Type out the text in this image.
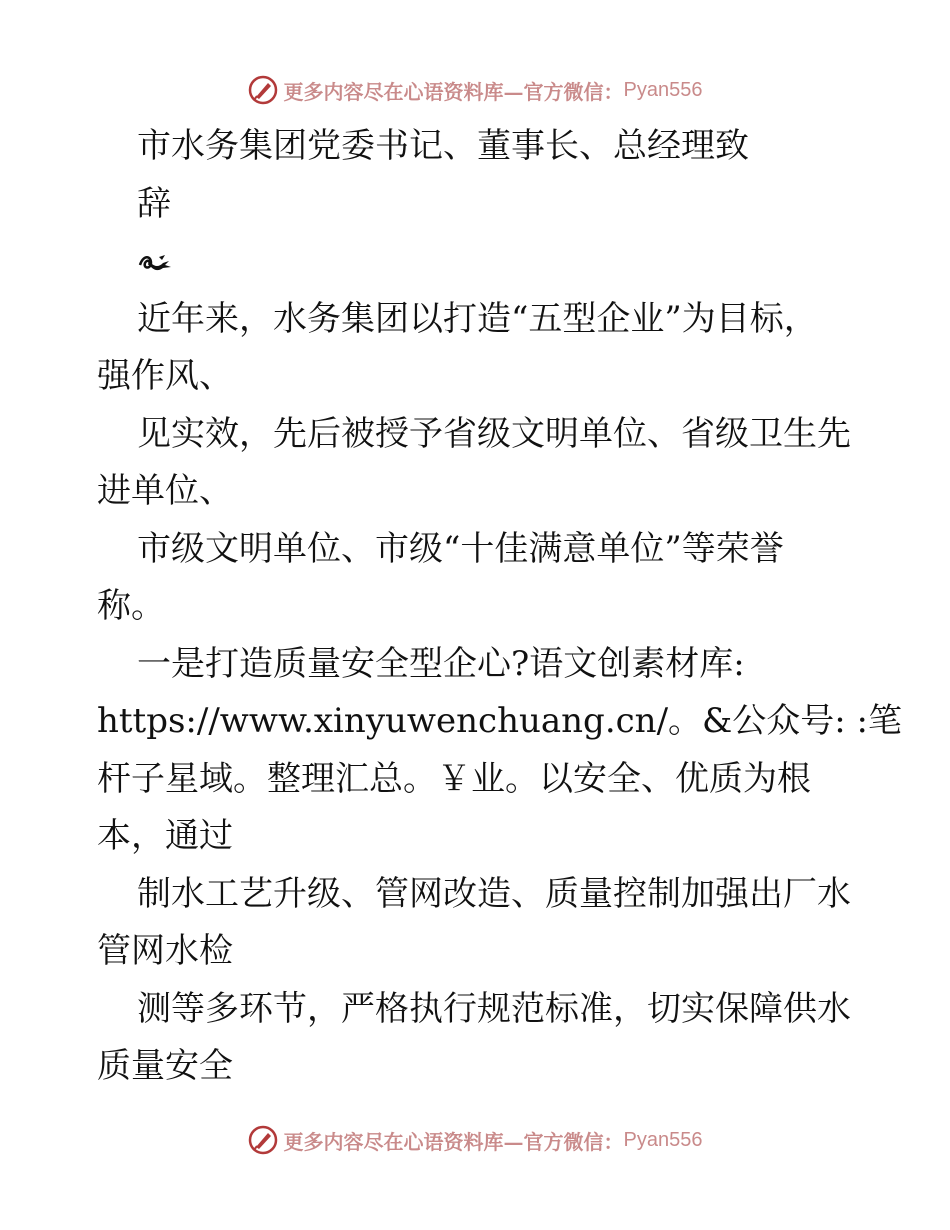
更多内容尽在心语资料库—官方微信： Pyan556
市水务集团党委书记、董事长、总经理致
辞
近年来，水务集团以打造“五型企业”为目标，
强作风、
见实效，先后被授予省级文明单位、省级卫生先
进单位、
市级文明单位、市级“十佳满意单位”等荣誉
称。
一是打造质量安全型企心?语文创素材库:
https://www.xinyuwenchuang.cn/。&公众号: :笔
杆子星域。整理汇总。￥业。以安全、优质为根
本，通过
制水工艺升级、管网改造、质量控制加强出厂水
管网水检
测等多环节，严格执行规范标准，切实保障供水
质量安全
更多内容尽在心语资料库—官方微信： Pyan556
